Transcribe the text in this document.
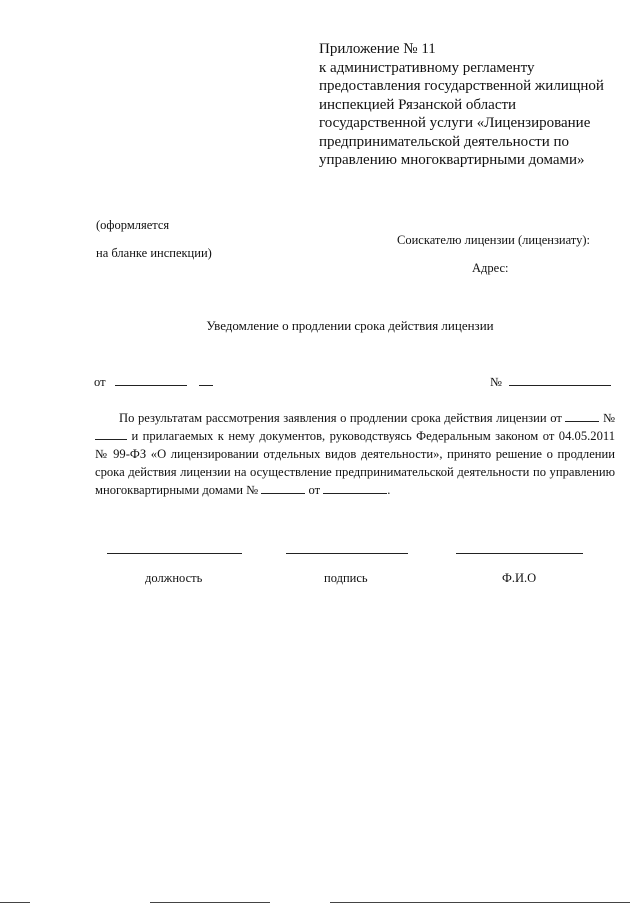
Приложение № 11
к административному регламенту
предоставления государственной жилищной
инспекцией Рязанской области
государственной услуги «Лицензирование
предпринимательской деятельности по
управлению многоквартирными домами»
(оформляется
на бланке инспекции)
Соискателю лицензии (лицензиату):
Адрес:
Уведомление о продлении срока действия лицензии
от	№

По результатам рассмотрения заявления о продлении срока действия лицензии от	№  и прилагаемых к нему документов, руководствуясь Федеральным законом от 04.05.2011 № 99-ФЗ «О лицензировании отдельных видов деятельности», принято решение о продлении срока действия лицензии на осуществление предпринимательской деятельности по управлению многоквартирными домами №	от	.

должность	подпись	Ф.И.О
